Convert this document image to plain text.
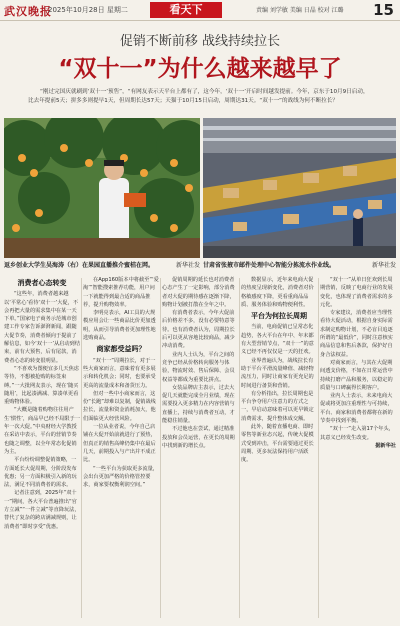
武汉晚报
2025年10月28日 星期二	看天下	责编 刘学敏 美编 日晶 校对 江璐 15
促销不断前移 战线持续拉长
“双十一”为什么越来越早了
“刚过完国庆就刷到‘双十一’预售”，“有网友表示天平台上都有了，这今年，‘双十一’开启时间越发提前。今年，京东于10月9日启动，比去年提前5天；拼多多则提早1天，但周期长达57天；天猫于10月15日启动，周期达31天。“双十一”的战线为何不断拉长？
返乡创业大学生吴海涛（右）在果园直播推介蜜桔在网。	新华社发 甘肃省张掖市邮件处理中心智能分拣流水作业线。	新华社发
消费者心态转变

“这些年，消费者越来越以‘平常心’看待‘双十一’大促，不会再把大量的需求集中在某一天下单。”国家电子商务示范城市创建工作专家告诉澎湃新闻，跟随大促节奏，消费者倾向于提前了解信息，如今‘双十一’从启动到结束，前有大预售，后有尾款，消费者心态的转变很明显。

“不喜欢为图便宜多几天焦虑等待，不想被抢购的标签束缚。”一大批网友表示，现在‘随买随用’，比起凑满减、算凑单更看重购物体验。

“大概是随着购物往往用产生‘惯性’，商品早已经不局限于一年一次大促。”中央财经大学教授在采访中表示，平台的营销节奏也随之调整，以全年常态化促销为主。

平台纷纷调整促销策略，一方面延长大促周期，分阶段发布优惠；另一方面积极引入新的玩法，满足不同消费者的需求。

记者注意到，2025年“双十一”期间，各大平台普遍推出“官方立减”“一件立减”等直降玩法，替代了复杂的跨店满减规则，让消费者“即时享受”优惠。

在App160版本中将截至“‘爱淘’”智能搜索推荐功能，用户问一下就能得到最合适的商品推荐，提升购物效率。

李明亮表示，AI工具的大规模应用会让一些商品比价更加透明，从而引导消费者更加理性地选购商品。

商家都受益吗？

“双十一”周期拉长，对于一些大商家而言，意味着有更多展示和转化机会；同时，也要承受更高的流量成本和备货压力。

但对一些中小商家而言，这份“长跑”却难以复制，促销战线拉长，流量和资金消耗加大，他们面临更大经营风险。

一位从业者说，今年自己店铺在大促开始前就进行了预热，但真正的销售高峰仍集中在最后几天，前期投入与产出并不成正比。

“一些平台为获取更多流量，会出台更加严格的价格管控要求，商家要权衡利润空间。”

促销周期的延长也对消费者心态产生了一定影响，部分消费者对大促的期待感在逐渐下降，购物计划被打散在全年之中。

有消费者表示，今年大促前后价格差不多，没有必要特意等待。也有消费者认为，周期拉长后可以更从容地比较商品，减少冲动消费。

业内人士认为，平台之间的竞争已经从价格转向服务与体验，物流时效、售后保障、会员权益等都成为重要比拼点。

女装品牌店主表示，过去大促几天就能完成全月业绩，现在需要投入更多精力在内容营销与直播上，持续与消费者互动，才能稳住销量。

不过他也在尝试，通过精准投放和会员运营，在更长的周期中找到新的增长点。

数据显示，近年来电商大促的热度呈现新变化，消费者对价格敏感度下降，更看重商品品质、服务体验和购物便利性。

平台为何拉长周期

当前，电商促销已呈常态化趋势，各大平台在年中、年末都有大型营销节点，“双十一”的意义已经不再仅仅是一天的狂欢。

业界普遍认为，战线拉长有助于平台平滑流量峰值、减轻物流压力，同时让商家有更充足的时间进行备货和营销。

有分析指出，拉长周期也是平台争夺用户注意力的方式之一，早启动意味着可以更早锁定消费需求，提升整体成交额。

此外，随着直播电商、即时零售等新业态兴起，传统大促模式受到冲击，平台需要通过更长周期、更多玩法保持用户活跃度。

“双十一”从单日狂欢到长周期营销，反映了电商行业的发展变化，也体现了消费者需求的多元化。

专家建议，消费者应当理性看待大促活动，根据自身实际需求制定购物计划，不必盲目追逐所谓的“最低价”，同时注意核实商品信息和售后条款，保护好自身合法权益。

对商家而言，与其在大促期间透支价格，不如在日常运营中持续打磨产品和服务，以稳定的质量与口碑赢得长期客户。

业内人士表示，未来电商大促或将更加注重理性与可持续，平台、商家和消费者都将在新的节奏中找到平衡。

“双十一”走入第17个年头，其意义已经发生改变。

据新华社
